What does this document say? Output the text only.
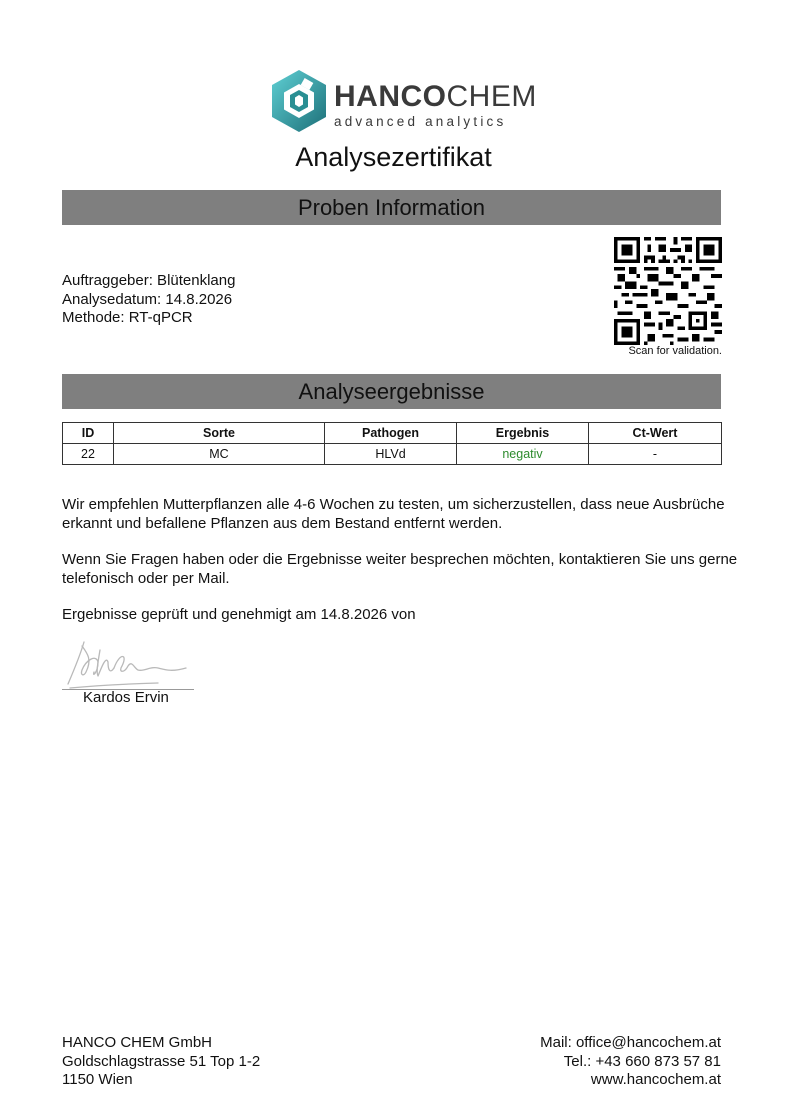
HANCOCHEM
advanced analytics
Analysezertifikat
Proben Information
Auftraggeber: Blütenklang
Analysedatum: 14.8.2026
Methode: RT-qPCR
Scan for validation.
Analyseergebnisse
ID	Sorte	Pathogen	Ergebnis	Ct-Wert
22	MC	HLVd	negativ	-
Wir empfehlen Mutterpflanzen alle 4-6 Wochen zu testen, um sicherzustellen, dass neue Ausbrüche erkannt und befallene Pflanzen aus dem Bestand entfernt werden.
Wenn Sie Fragen haben oder die Ergebnisse weiter besprechen möchten, kontaktieren Sie uns gerne telefonisch oder per Mail.
Ergebnisse geprüft und genehmigt am 14.8.2026 von
Kardos Ervin
HANCO CHEM GmbH
Goldschlagstrasse 51 Top 1-2
1150 Wien
Mail: office@hancochem.at
Tel.: +43 660 873 57 81
www.hancochem.at
